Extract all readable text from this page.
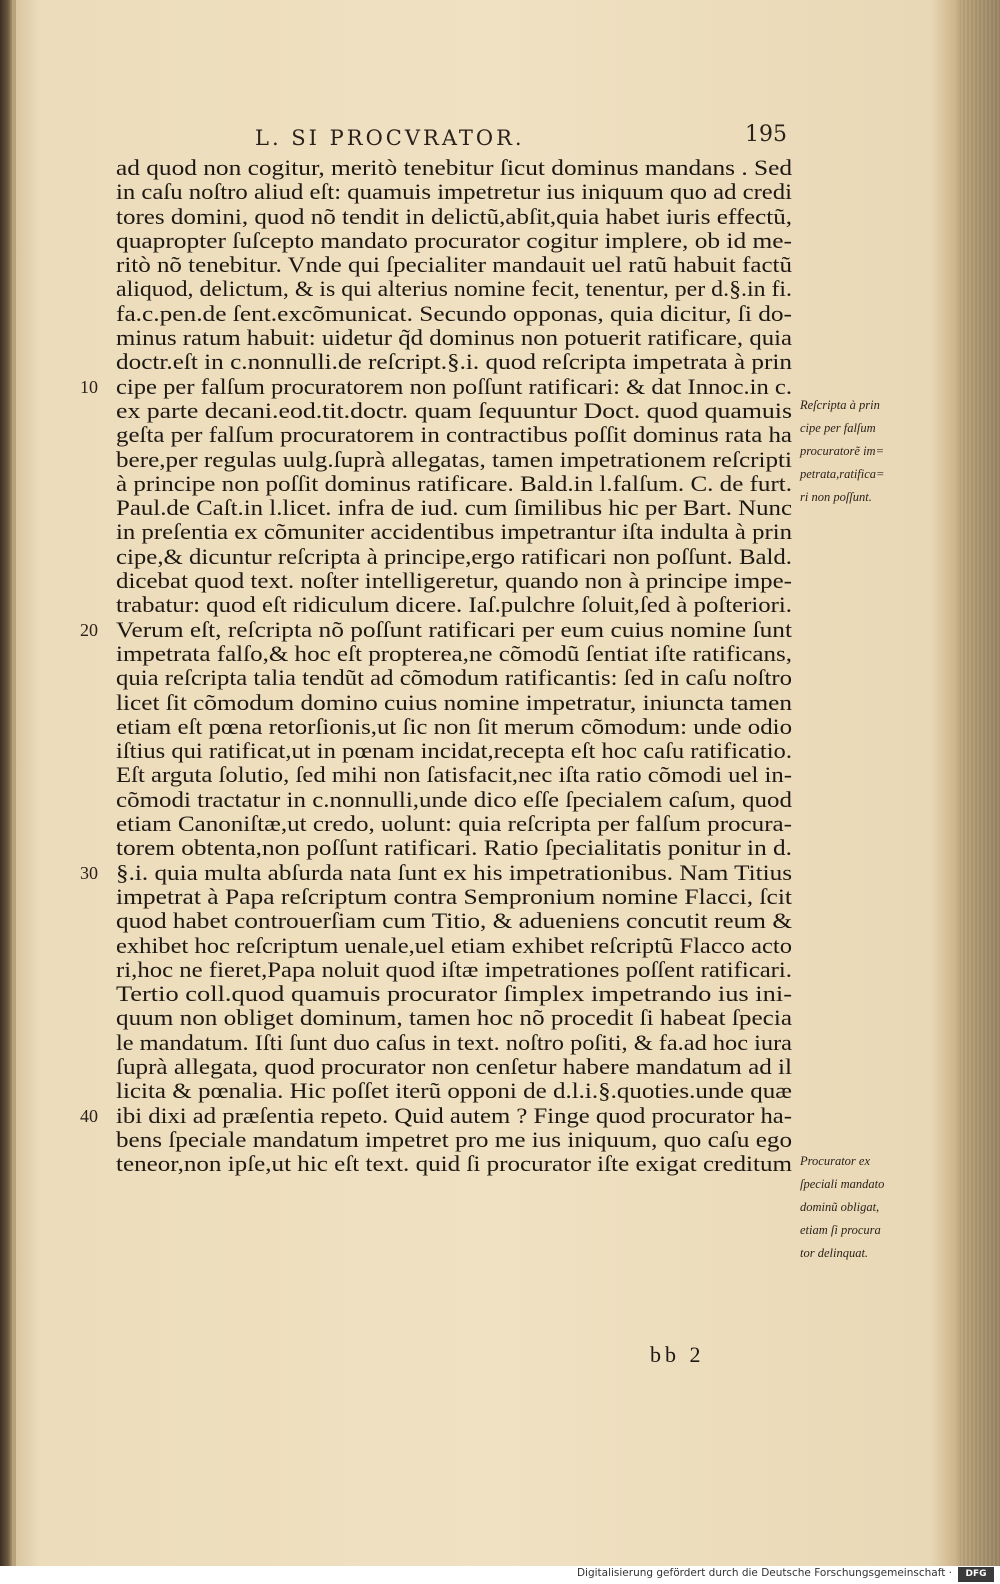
L. SI PROCVRATOR.	195
ad quod non cogitur, meritò tenebitur ſicut dominus mandans . Sed
in caſu noſtro aliud eſt: quamuis impetretur ius iniquum quo ad credi
tores domini, quod nõ tendit in delictũ,abſit,quia habet iuris effectũ,
quapropter ſuſcepto mandato procurator cogitur implere, ob id me-
ritò nõ tenebitur. Vnde qui ſpecialiter mandauit uel ratũ habuit factũ
aliquod, delictum, & is qui alterius nomine fecit, tenentur, per d.§.in fi.
fa.c.pen.de ſent.excõmunicat. Secundo opponas, quia dicitur, ſi do-
minus ratum habuit: uidetur q̃d dominus non potuerit ratificare, quia
doctr.eſt in c.nonnulli.de reſcript.§.i. quod reſcripta impetrata à prin
cipe per falſum procuratorem non poſſunt ratificari: & dat Innoc.in c.
10
ex parte decani.eod.tit.doctr. quam ſequuntur Doct. quod quamuis
geſta per falſum procuratorem in contractibus poſſit dominus rata ha
bere,per regulas uulg.ſuprà allegatas, tamen impetrationem reſcripti
à principe non poſſit dominus ratificare. Bald.in l.falſum. C. de furt.
Paul.de Caſt.in l.licet. infra de iud. cum ſimilibus hic per Bart. Nunc
in preſentia ex cõmuniter accidentibus impetrantur iſta indulta à prin
cipe,& dicuntur reſcripta à principe,ergo ratificari non poſſunt. Bald.
dicebat quod text. noſter intelligeretur, quando non à principe impe-
trabatur: quod eſt ridiculum dicere. Iaſ.pulchre ſoluit,ſed à poſteriori.
Verum eſt, reſcripta nõ poſſunt ratificari per eum cuius nomine ſunt
20
impetrata falſo,& hoc eſt propterea,ne cõmodũ ſentiat iſte ratificans,
quia reſcripta talia tendũt ad cõmodum ratificantis: ſed in caſu noſtro
licet ſit cõmodum domino cuius nomine impetratur, iniuncta tamen
etiam eſt pœna retorſionis,ut ſic non ſit merum cõmodum: unde odio
iſtius qui ratificat,ut in pœnam incidat,recepta eſt hoc caſu ratificatio.
Eſt arguta ſolutio, ſed mihi non ſatisfacit,nec iſta ratio cõmodi uel in-
cõmodi tractatur in c.nonnulli,unde dico eſſe ſpecialem caſum, quod
etiam Canoniſtæ,ut credo, uolunt: quia reſcripta per falſum procura-
torem obtenta,non poſſunt ratificari. Ratio ſpecialitatis ponitur in d.
§.i. quia multa abſurda nata ſunt ex his impetrationibus. Nam Titius
30
impetrat à Papa reſcriptum contra Sempronium nomine Flacci, ſcit
quod habet controuerſiam cum Titio, & aduenіens concutit reum &
exhibet hoc reſcriptum uenale,uel etiam exhibet reſcriptũ Flacco acto
ri,hoc ne fieret,Papa noluit quod iſtæ impetrationes poſſent ratificari.
Tertio coll.quod quamuis procurator ſimplex impetrando ius ini-
quum non obliget dominum, tamen hoc nõ procedit ſi habeat ſpecia
le mandatum. Iſti ſunt duo caſus in text. noſtro poſiti, & fa.ad hoc iura
ſuprà allegata, quod procurator non cenſetur habere mandatum ad il
licita & pœnalia. Hic poſſet iterũ opponi de d.l.i.§.quoties.unde quæ
ibi dixi ad præſentia repeto. Quid autem ? Finge quod procurator ha-
40
bens ſpeciale mandatum impetret pro me ius iniquum, quo caſu ego
teneor,non ipſe,ut hic eſt text. quid ſi procurator iſte exigat creditum
Reſcripta à prin
cipe per falſum
procuratorẽ im=
petrata,ratifica=
ri non poſſunt.
Procurator ex
ſpeciali mandato
dominũ obligat,
etiam ſi procura
tor delinquat.
bb 2
Digitalisierung gefördert durch die Deutsche Forschungsgemeinschaft ·	DFG
